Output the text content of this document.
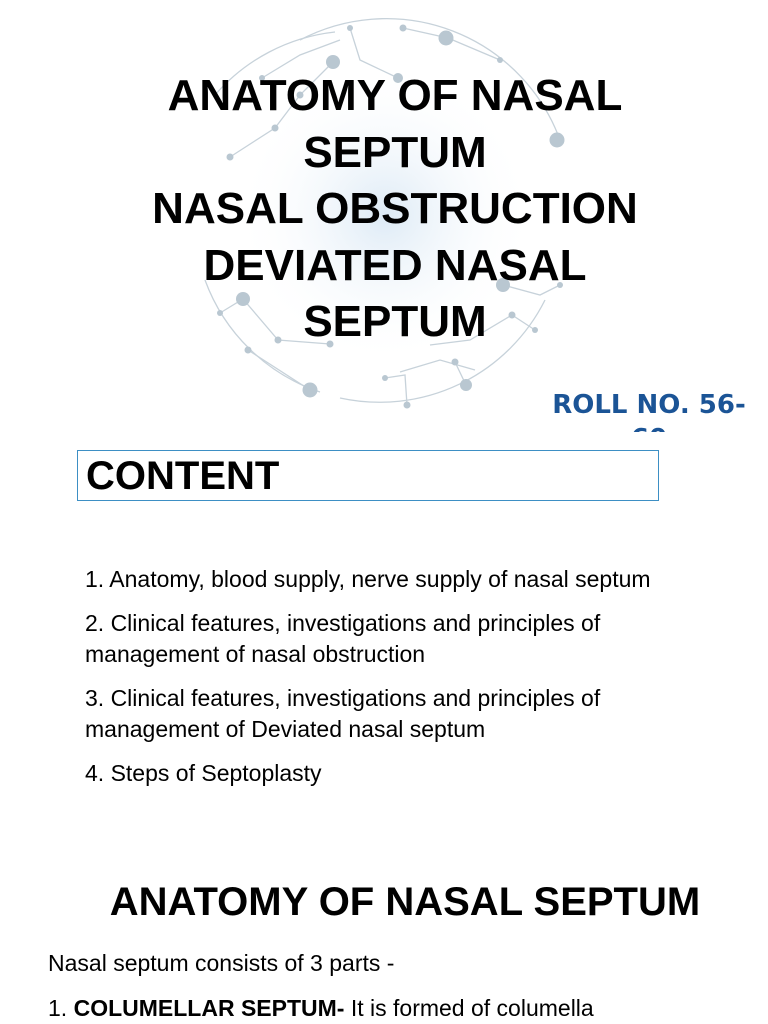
ANATOMY OF NASAL
SEPTUM
NASAL OBSTRUCTION
DEVIATED NASAL
SEPTUM
ROLL NO. 56-
CONTENT
1. Anatomy, blood supply, nerve supply of nasal septum
2. Clinical features, investigations and principles of management of nasal obstruction
3. Clinical features, investigations and principles of management of Deviated nasal septum
4. Steps of Septoplasty
ANATOMY OF NASAL SEPTUM
Nasal septum consists of 3 parts -
1. COLUMELLAR SEPTUM- It is formed of columella
